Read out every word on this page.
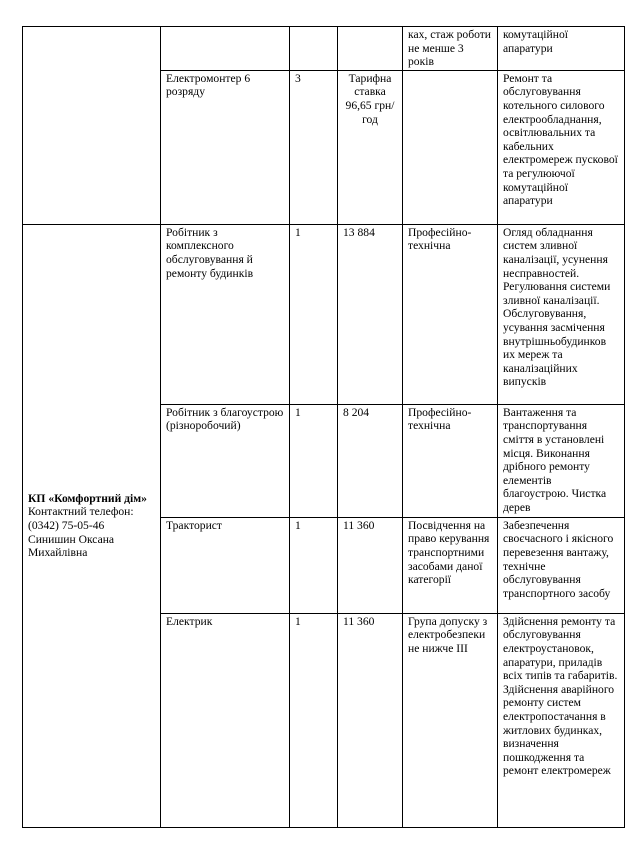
				ках, стаж роботи не менше 3 років	комутаційної апаратури
	Електромонтер 6 розряду	3	Тарифна ставка 96,65 грн/год		Ремонт та обслуговування котельного силового електрообладнання, освітлювальних та кабельних електромереж пускової та регулюючої комутаційної апаратури

КП «Комфортний дім»
Контактний телефон:
(0342) 75-05-46
Синишин Оксана Михайлівна	Робітник з комплексного обслуговування й ремонту будинків	1	13 884	Професійно-технічна	Огляд обладнання систем зливної каналізації, усунення несправностей. Регулювання системи зливної каналізації. Обслуговування, усування засмічення внутрішньобудинков их мереж та каналізаційних випусків
	Робітник з благоустрою (різноробочий)	1	8 204	Професійно-технічна	Вантаження та транспортування сміття в установлені місця. Виконання дрібного ремонту елементів благоустрою. Чистка дерев
	Тракторист	1	11 360	Посвідчення на право керування транспортними засобами даної категорії	Забезпечення своєчасного і якісного перевезення вантажу, технічне обслуговування транспортного засобу
	Електрик	1	11 360	Група допуску з електробезпеки не нижче ІІІ	Здійснення ремонту та обслуговування електроустановок, апаратури, приладів всіх типів та габаритів. Здійснення аварійного ремонту систем електропостачання в житлових будинках, визначення пошкодження та ремонт електромереж
